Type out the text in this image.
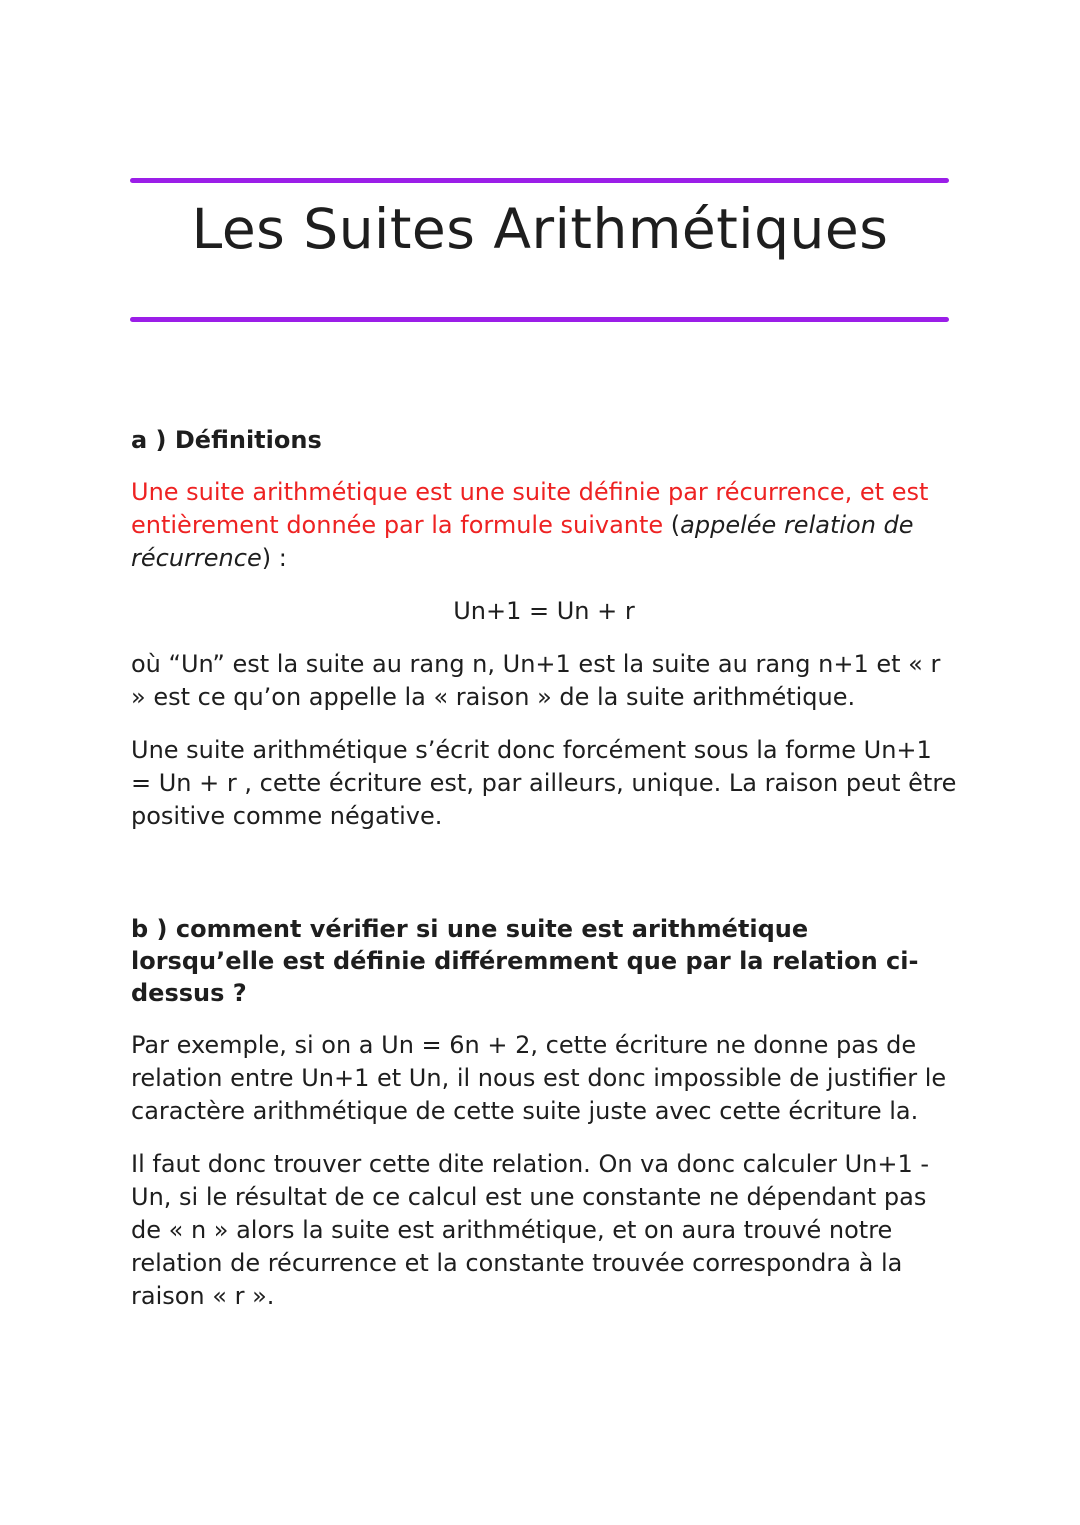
Les Suites Arithmétiques
a ) Définitions

Une suite arithmétique est une suite définie par récurrence, et est entièrement donnée par la formule suivante (appelée relation de récurrence) :

Un+1 = Un + r

où “Un” est la suite au rang n, Un+1 est la suite au rang n+1 et « r » est ce qu’on appelle la « raison » de la suite arithmétique.

Une suite arithmétique s’écrit donc forcément sous la forme Un+1 = Un + r , cette écriture est, par ailleurs, unique. La raison peut être positive comme négative.

b ) comment vérifier si une suite est arithmétique lorsqu’elle est définie différemment que par la relation ci-dessus ?

Par exemple, si on a Un = 6n + 2, cette écriture ne donne pas de relation entre Un+1 et Un, il nous est donc impossible de justifier le caractère arithmétique de cette suite juste avec cette écriture la.

Il faut donc trouver cette dite relation. On va donc calculer Un+1 - Un, si le résultat de ce calcul est une constante ne dépendant pas de « n » alors la suite est arithmétique, et on aura trouvé notre relation de récurrence et la constante trouvée correspondra à la raison « r ».
